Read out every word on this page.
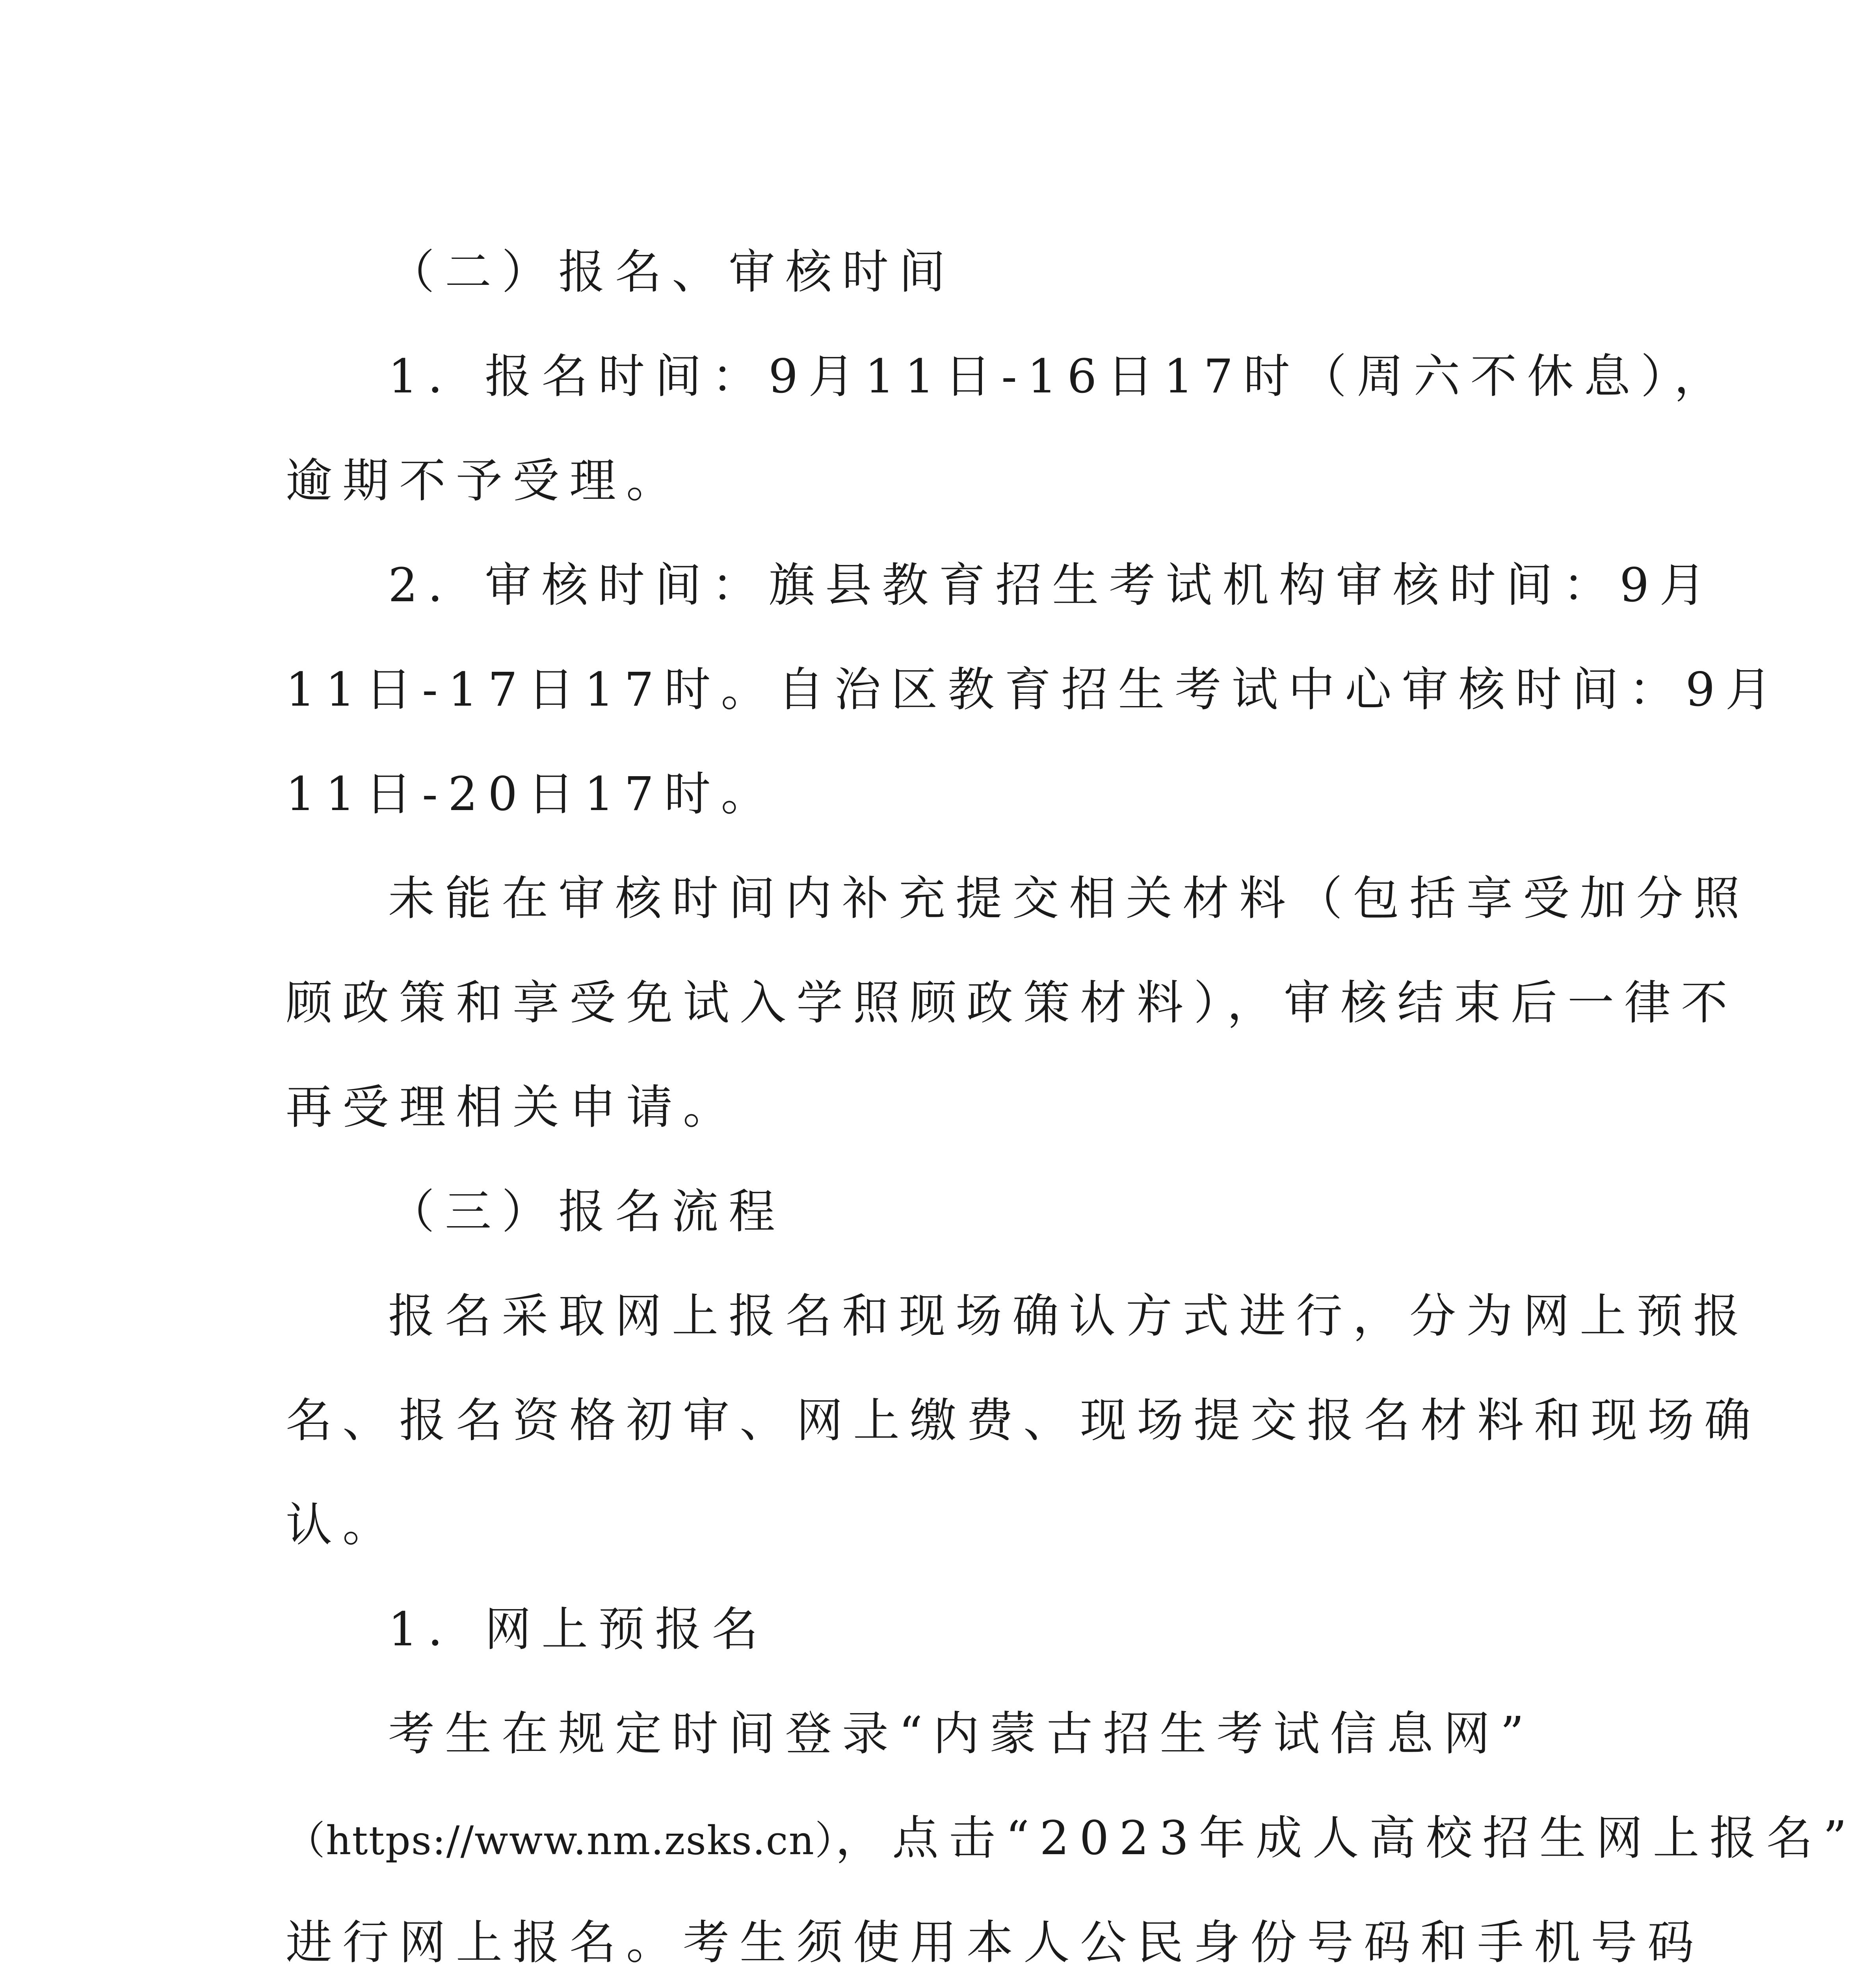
（二）报名、审核时间
1．报名时间：9月11日-16日17时（周六不休息），
逾期不予受理。
2．审核时间：旗县教育招生考试机构审核时间：9月
11日-17日17时。自治区教育招生考试中心审核时间：9月
11日-20日17时。
未能在审核时间内补充提交相关材料（包括享受加分照
顾政策和享受免试入学照顾政策材料），审核结束后一律不
再受理相关申请。
（三）报名流程
报名采取网上报名和现场确认方式进行，分为网上预报
名、报名资格初审、网上缴费、现场提交报名材料和现场确
认。
1．网上预报名
考生在规定时间登录“内蒙古招生考试信息网”
（https://www.nm.zsks.cn），点击“2023年成人高校招生网上报名”
进行网上报名。考生须使用本人公民身份号码和手机号码
